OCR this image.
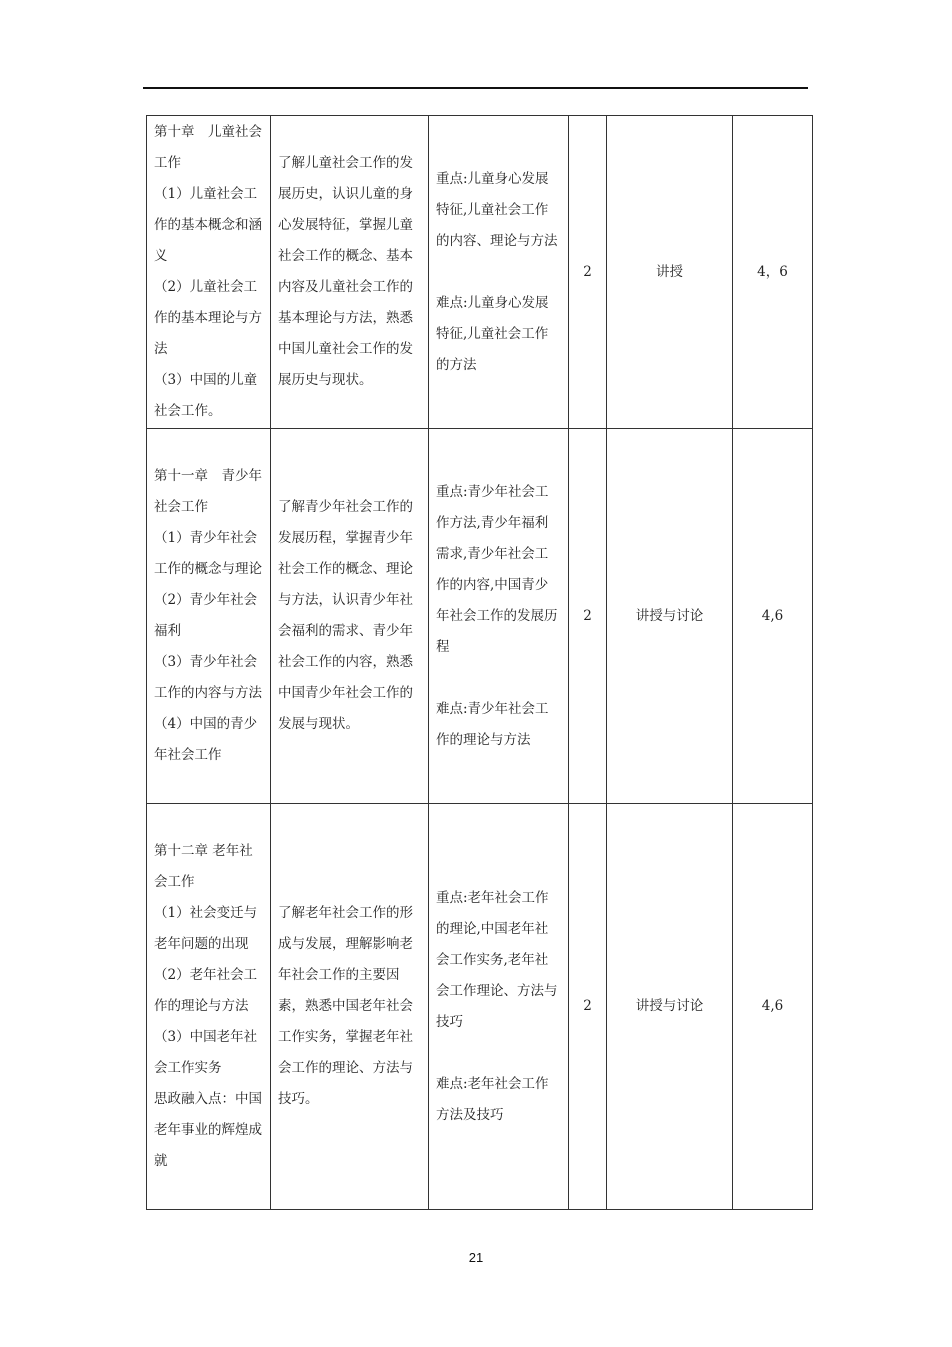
第十章　儿童社会工作
（1）儿童社会工作的基本概念和涵义
（2）儿童社会工作的基本理论与方法
（3）中国的儿童社会工作。	了解儿童社会工作的发展历史，认识儿童的身心发展特征，掌握儿童社会工作的概念、基本内容及儿童社会工作的基本理论与方法，熟悉中国儿童社会工作的发展历史与现状。	重点:儿童身心发展特征,儿童社会工作的内容、理论与方法
难点:儿童身心发展特征,儿童社会工作的方法	2	讲授	4，6

第十一章　青少年社会工作
（1）青少年社会工作的概念与理论
（2）青少年社会福利
（3）青少年社会工作的内容与方法
（4）中国的青少年社会工作	了解青少年社会工作的发展历程，掌握青少年社会工作的概念、理论与方法，认识青少年社会福利的需求、青少年社会工作的内容，熟悉中国青少年社会工作的发展与现状。	重点:青少年社会工作方法,青少年福利需求,青少年社会工作的内容,中国青少年社会工作的发展历程
难点:青少年社会工作的理论与方法	2	讲授与讨论	4,6

第十二章 老年社会工作
（1）社会变迁与老年问题的出现
（2）老年社会工作的理论与方法
（3）中国老年社会工作实务
思政融入点：中国老年事业的辉煌成就	了解老年社会工作的形成与发展，理解影响老年社会工作的主要因素，熟悉中国老年社会工作实务，掌握老年社会工作的理论、方法与技巧。	重点:老年社会工作的理论,中国老年社会工作实务,老年社会工作理论、方法与技巧
难点:老年社会工作方法及技巧	2	讲授与讨论	4,6
21
